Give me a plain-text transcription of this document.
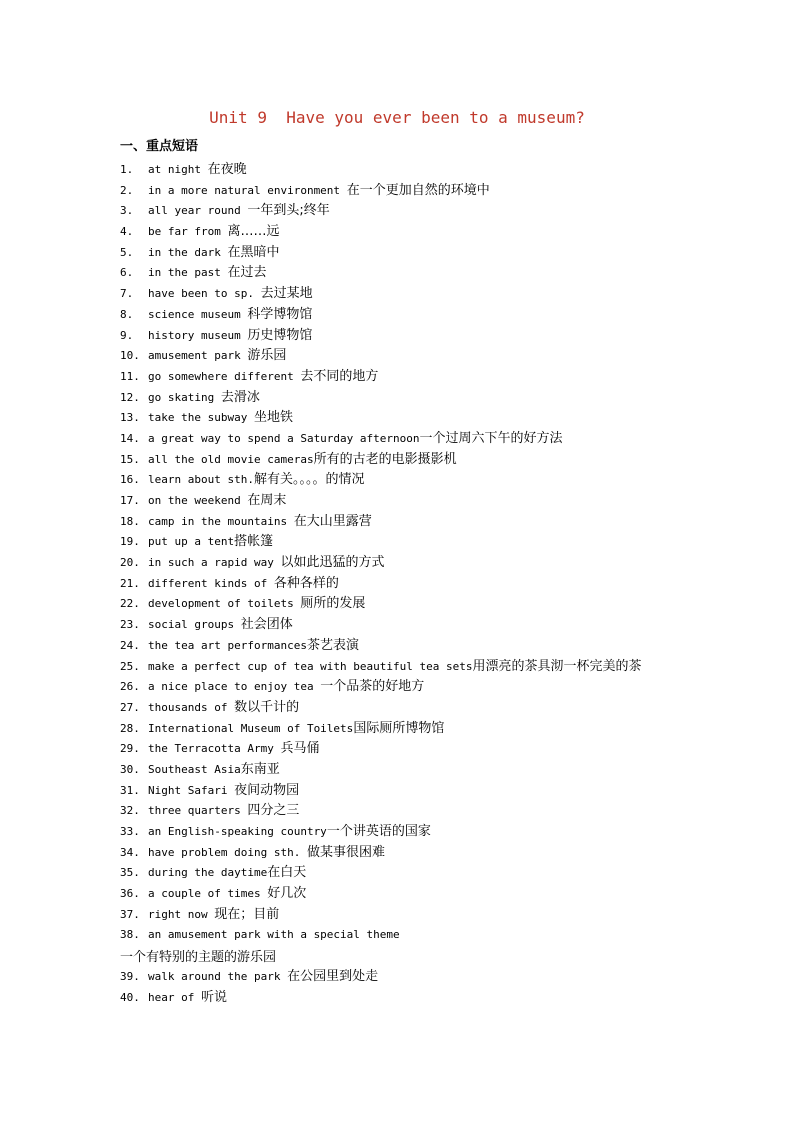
Unit 9  Have you ever been to a museum?
一、重点短语
1. at night 在夜晚
2. in a more natural environment 在一个更加自然的环境中
3. all year round 一年到头;终年
4. be far from 离……远
5. in the dark 在黑暗中
6. in the past 在过去
7. have been to sp. 去过某地
8. science museum 科学博物馆
9. history museum 历史博物馆
10. amusement park 游乐园
11. go somewhere different 去不同的地方
12. go skating 去滑冰
13. take the subway 坐地铁
14. a great way to spend a Saturday afternoon一个过周六下午的好方法
15. all the old movie cameras所有的古老的电影摄影机
16. learn about sth.解有关。。。。的情况
17. on the weekend 在周末
18. camp in the mountains 在大山里露营
19. put up a tent搭帐篷
20. in such a rapid way 以如此迅猛的方式
21. different kinds of 各种各样的
22. development of toilets 厕所的发展
23. social groups 社会团体
24. the tea art performances茶艺表演
25. make a perfect cup of tea with beautiful tea sets用漂亮的茶具沏一杯完美的茶
26. a nice place to enjoy tea 一个品茶的好地方
27. thousands of 数以千计的
28. International Museum of Toilets国际厕所博物馆
29. the Terracotta Army 兵马俑
30. Southeast Asia东南亚
31. Night Safari 夜间动物园
32. three quarters 四分之三
33. an English-speaking country一个讲英语的国家
34. have problem doing sth. 做某事很困难
35. during the daytime在白天
36. a couple of times 好几次
37. right now 现在；目前
38. an amusement park with a special theme
一个有特别的主题的游乐园
39. walk around the park 在公园里到处走
40. hear of 听说
